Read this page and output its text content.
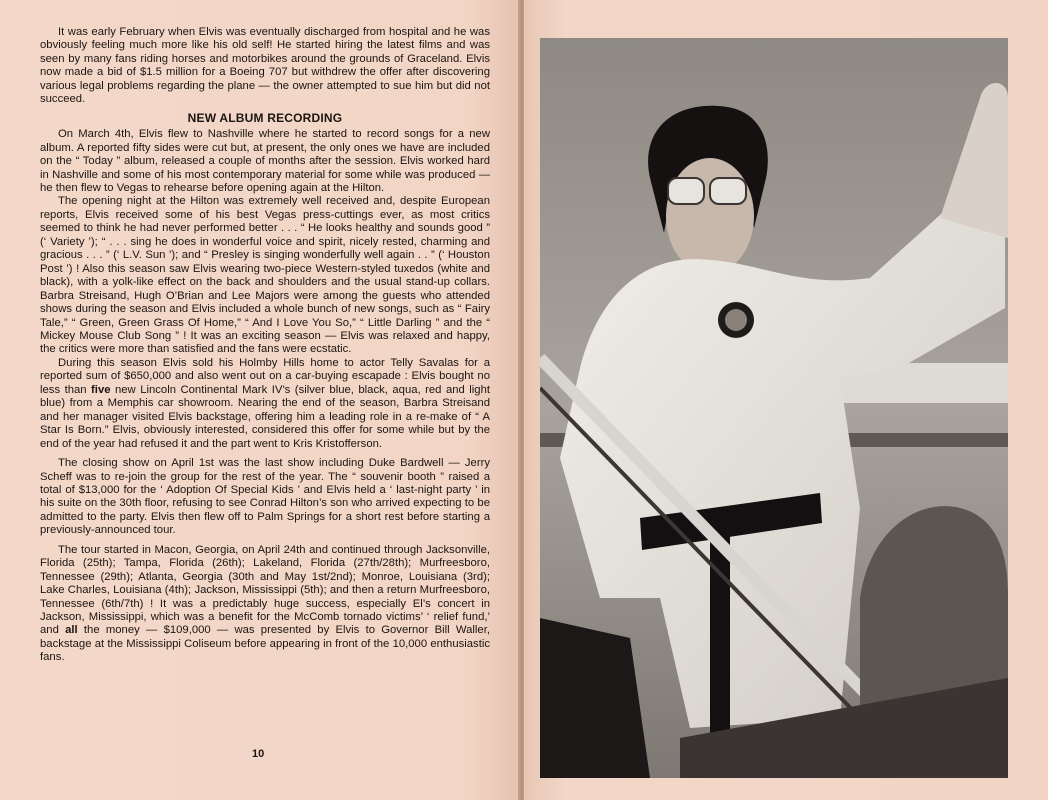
It was early February when Elvis was eventually discharged from hospital and he was obviously feeling much more like his old self! He started hiring the latest films and was seen by many fans riding horses and motorbikes around the grounds of Graceland. Elvis now made a bid of $1.5 million for a Boeing 707 but withdrew the offer after discovering various legal problems regarding the plane — the owner attempted to sue him but did not succeed.

NEW ALBUM RECORDING

On March 4th, Elvis flew to Nashville where he started to record songs for a new album. A reported fifty sides were cut but, at present, the only ones we have are included on the “ Today ” album, released a couple of months after the session. Elvis worked hard in Nashville and some of his most contemporary material for some while was produced — he then flew to Vegas to rehearse before opening again at the Hilton.

The opening night at the Hilton was extremely well received and, despite European reports, Elvis received some of his best Vegas press-cuttings ever, as most critics seemed to think he had never performed better . . . “ He looks healthy and sounds good ” (‘ Variety ’); “ . . . sing he does in wonderful voice and spirit, nicely rested, charming and gracious . . . ” (‘ L.V. Sun ’); and “ Presley is singing wonderfully well again . . ” (‘ Houston Post ’) ! Also this season saw Elvis wearing two-piece Western-styled tuxedos (white and black), with a yolk-like effect on the back and shoulders and the usual stand-up collars. Barbra Streisand, Hugh O’Brian and Lee Majors were among the guests who attended shows during the season and Elvis included a whole bunch of new songs, such as “ Fairy Tale,” “ Green, Green Grass Of Home,” “ And I Love You So,” “ Little Darling ” and the “ Mickey Mouse Club Song ” ! It was an exciting season — Elvis was relaxed and happy, the critics were more than satisfied and the fans were ecstatic.

During this season Elvis sold his Holmby Hills home to actor Telly Savalas for a reported sum of $650,000 and also went out on a car-buying escapade : Elvis bought no less than five new Lincoln Continental Mark IV’s (silver blue, black, aqua, red and light blue) from a Memphis car showroom. Nearing the end of the season, Barbra Streisand and her manager visited Elvis backstage, offering him a leading role in a re-make of “ A Star Is Born.” Elvis, obviously interested, considered this offer for some while but by the end of the year had refused it and the part went to Kris Kristofferson.

The closing show on April 1st was the last show including Duke Bardwell — Jerry Scheff was to re-join the group for the rest of the year. The “ souvenir booth ” raised a total of $13,000 for the ‘ Adoption Of Special Kids ’ and Elvis held a ‘ last-night party ’ in his suite on the 30th floor, refusing to see Conrad Hilton’s son who arrived expecting to be admitted to the party. Elvis then flew off to Palm Springs for a short rest before starting a previously-announced tour.

The tour started in Macon, Georgia, on April 24th and continued through Jacksonville, Florida (25th); Tampa, Florida (26th); Lakeland, Florida (27th/28th); Murfreesboro, Tennessee (29th); Atlanta, Georgia (30th and May 1st/2nd); Monroe, Louisiana (3rd); Lake Charles, Louisiana (4th); Jackson, Mississippi (5th); and then a return Murfreesboro, Tennessee (6th/7th) ! It was a predictably huge success, especially El’s concert in Jackson, Mississippi, which was a benefit for the McComb tornado victims’ ‘ relief fund,’ and all the money — $109,000 — was presented by Elvis to Governor Bill Waller, backstage at the Mississippi Coliseum before appearing in front of the 10,000 enthusiastic fans.

10
